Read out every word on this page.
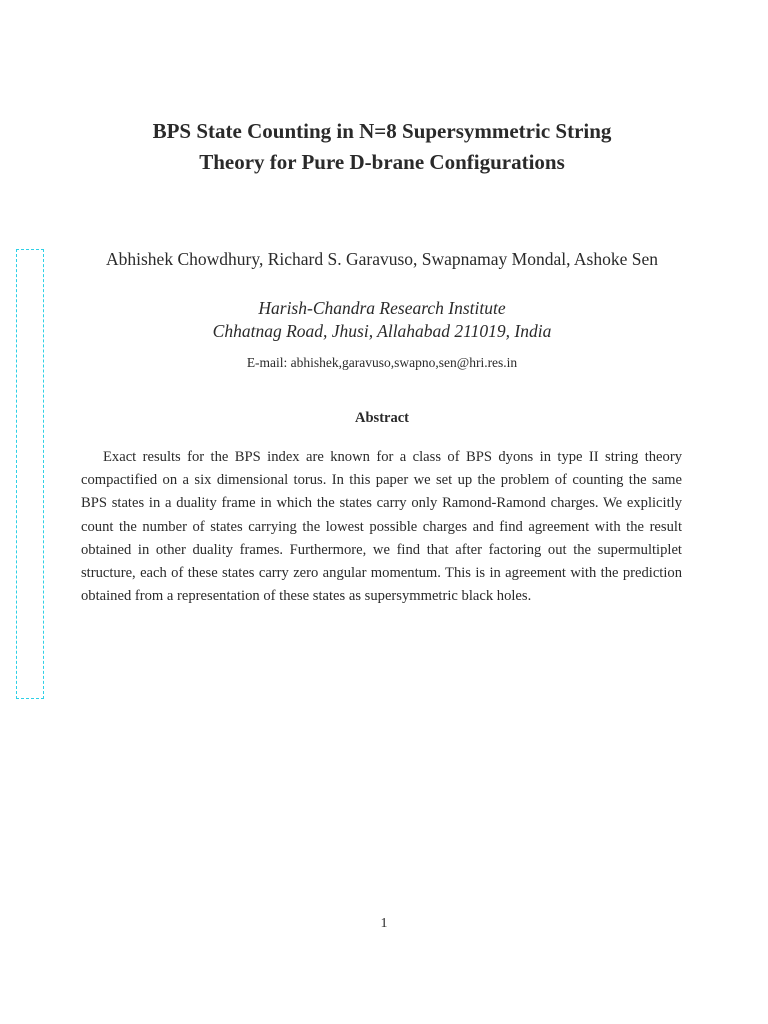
BPS State Counting in N=8 Supersymmetric String
Theory for Pure D-brane Configurations
Abhishek Chowdhury, Richard S. Garavuso, Swapnamay Mondal, Ashoke Sen
Harish-Chandra Research Institute
Chhatnag Road, Jhusi, Allahabad 211019, India
E-mail: abhishek,garavuso,swapno,sen@hri.res.in
Abstract

Exact results for the BPS index are known for a class of BPS dyons in type II string theory compactified on a six dimensional torus. In this paper we set up the problem of counting the same BPS states in a duality frame in which the states carry only Ramond-Ramond charges. We explicitly count the number of states carrying the lowest possible charges and find agreement with the result obtained in other duality frames. Furthermore, we find that after factoring out the supermultiplet structure, each of these states carry zero angular momentum. This is in agreement with the prediction obtained from a representation of these states as supersymmetric black holes.

1
